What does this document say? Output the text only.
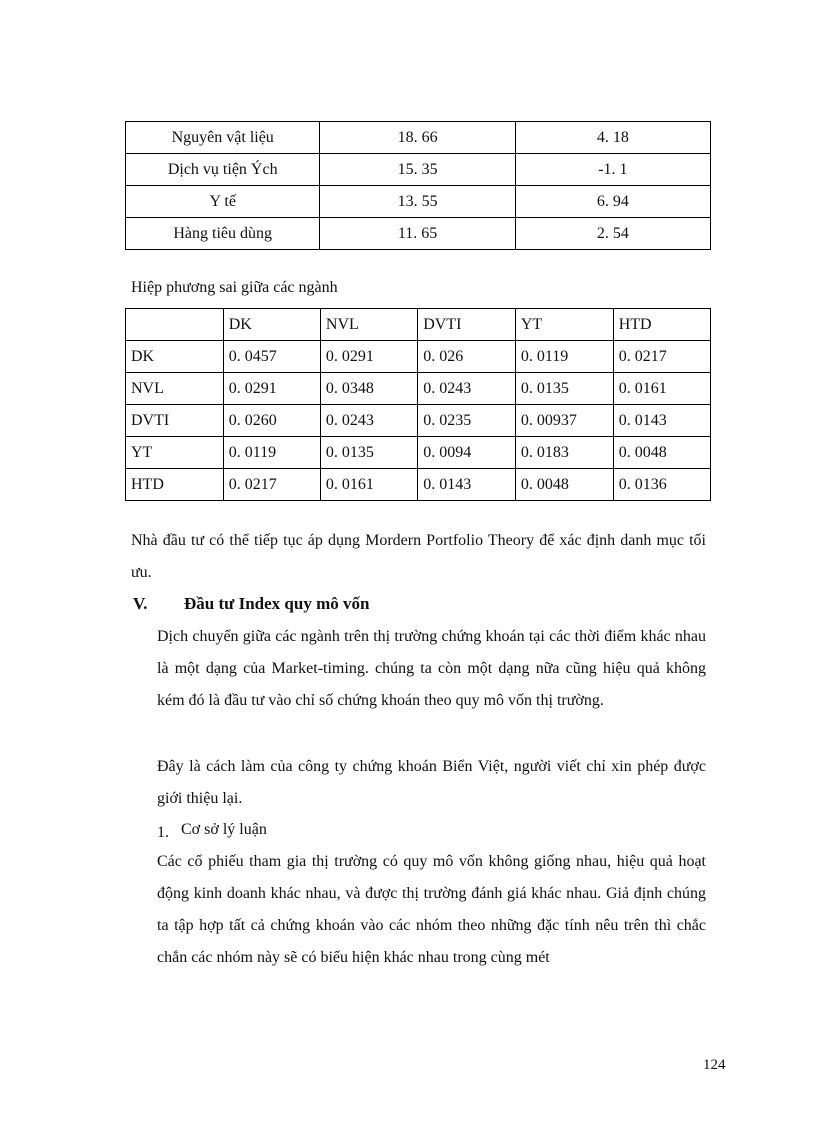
Nguyên vật liệu	18. 66	4. 18
Dịch vụ tiện Ých	15. 35	-1. 1
Y tế	13. 55	6. 94
Hàng tiêu dùng	11. 65	2. 54
Hiệp phương sai giữa các ngành
	DK	NVL	DVTI	YT	HTD
DK	0. 0457	0. 0291	0. 026	0. 0119	0. 0217
NVL	0. 0291	0. 0348	0. 0243	0. 0135	0. 0161
DVTI	0. 0260	0. 0243	0. 0235	0. 00937	0. 0143
YT	0. 0119	0. 0135	0. 0094	0. 0183	0. 0048
HTD	0. 0217	0. 0161	0. 0143	0. 0048	0. 0136
Nhà đầu tư có thể tiếp tục áp dụng Mordern Portfolio Theory để xác định danh mục tối ưu.
V. Đầu tư Index quy mô vốn
Dịch chuyển giữa các ngành trên thị trường chứng khoán tại các thời điểm khác nhau là một dạng của Market-timing. chúng ta còn một dạng nữa cũng hiệu quả không kém đó là đầu tư vào chỉ số chứng khoán theo quy mô vốn thị trường.
Đây là cách làm của công ty chứng khoán Biển Việt, người viết chỉ xin phép được giới thiệu lại.
1. Cơ sở lý luận
Các cổ phiếu tham gia thị trường có quy mô vốn không giống nhau, hiệu quả hoạt động kinh doanh khác nhau, và được thị trường đánh giá khác nhau. Giả định chúng ta tập hợp tất cả chứng khoán vào các nhóm theo những đặc tính nêu trên thì chắc chắn các nhóm này sẽ có biểu hiện khác nhau trong cùng mét
124
